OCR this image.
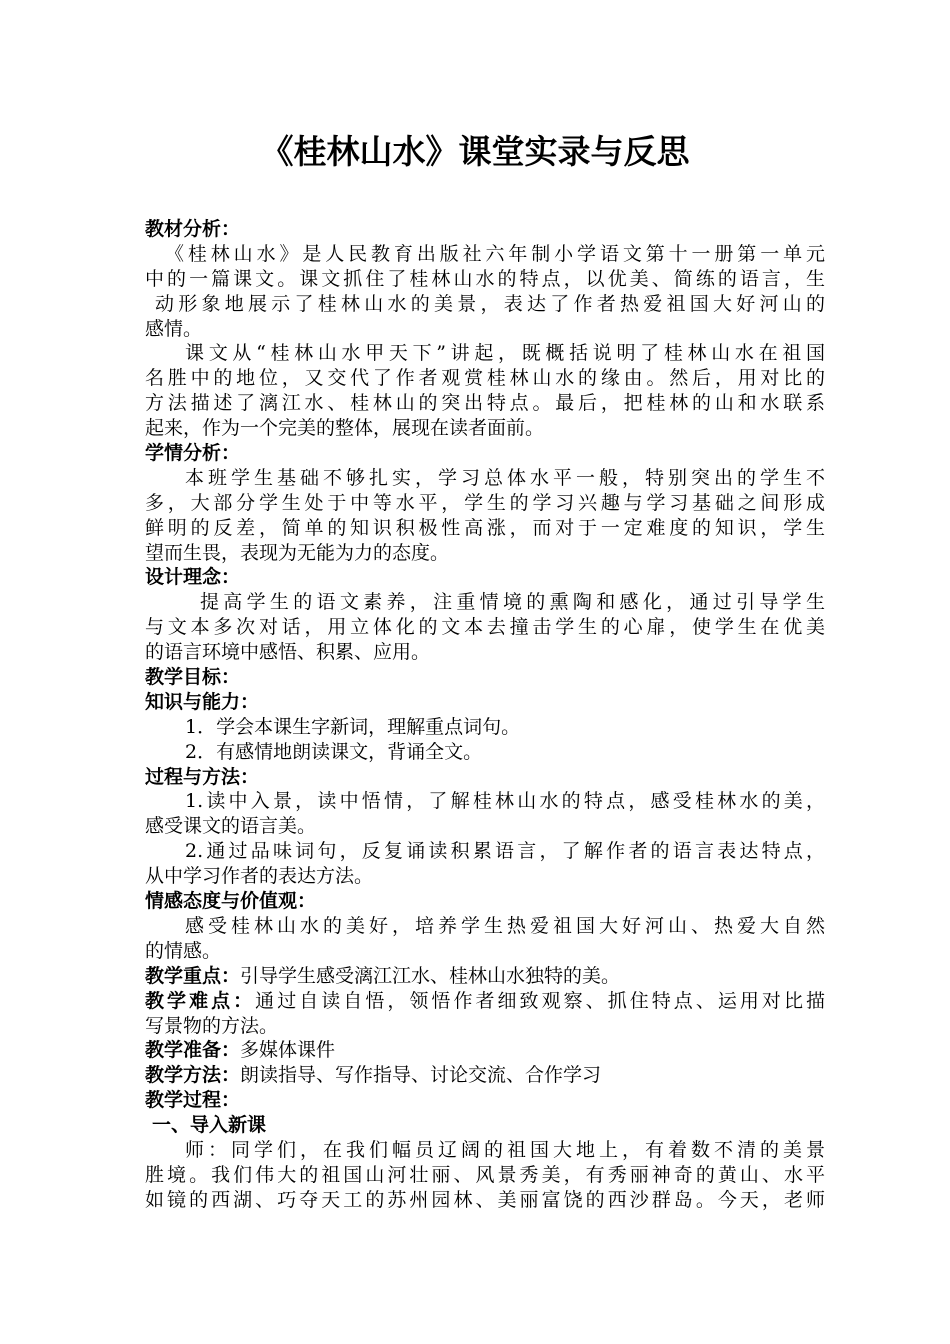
《桂林山水》课堂实录与反思
教材分析：
《桂林山水》是人民教育出版社六年制小学语文第十一册第一单元
中的一篇课文。课文抓住了桂林山水的特点，以优美、简练的语言，生
动形象地展示了桂林山水的美景，表达了作者热爱祖国大好河山的
感情。
课文从“桂林山水甲天下”讲起，既概括说明了桂林山水在祖国
名胜中的地位，又交代了作者观赏桂林山水的缘由。然后，用对比的
方法描述了漓江水、桂林山的突出特点。最后，把桂林的山和水联系
起来，作为一个完美的整体，展现在读者面前。
学情分析：
本班学生基础不够扎实，学习总体水平一般，特别突出的学生不
多，大部分学生处于中等水平，学生的学习兴趣与学习基础之间形成
鲜明的反差，简单的知识积极性高涨，而对于一定难度的知识，学生
望而生畏，表现为无能为力的态度。
设计理念：
提高学生的语文素养，注重情境的熏陶和感化，通过引导学生
与文本多次对话，用立体化的文本去撞击学生的心扉，使学生在优美
的语言环境中感悟、积累、应用。
教学目标：
知识与能力：
1．学会本课生字新词，理解重点词句。
2．有感情地朗读课文，背诵全文。
过程与方法：
1.读中入景，读中悟情，了解桂林山水的特点，感受桂林水的美，
感受课文的语言美。
2.通过品味词句，反复诵读积累语言，了解作者的语言表达特点，
从中学习作者的表达方法。
情感态度与价值观：
感受桂林山水的美好，培养学生热爱祖国大好河山、热爱大自然
的情感。
教学重点：引导学生感受漓江江水、桂林山水独特的美。
教学难点：通过自读自悟，领悟作者细致观察、抓住特点、运用对比描
写景物的方法。
教学准备：多媒体课件
教学方法：朗读指导、写作指导、讨论交流、合作学习
教学过程：
一、导入新课
师：同学们，在我们幅员辽阔的祖国大地上，有着数不清的美景
胜境。我们伟大的祖国山河壮丽、风景秀美，有秀丽神奇的黄山、水平
如镜的西湖、巧夺天工的苏州园林、美丽富饶的西沙群岛。今天，老师
